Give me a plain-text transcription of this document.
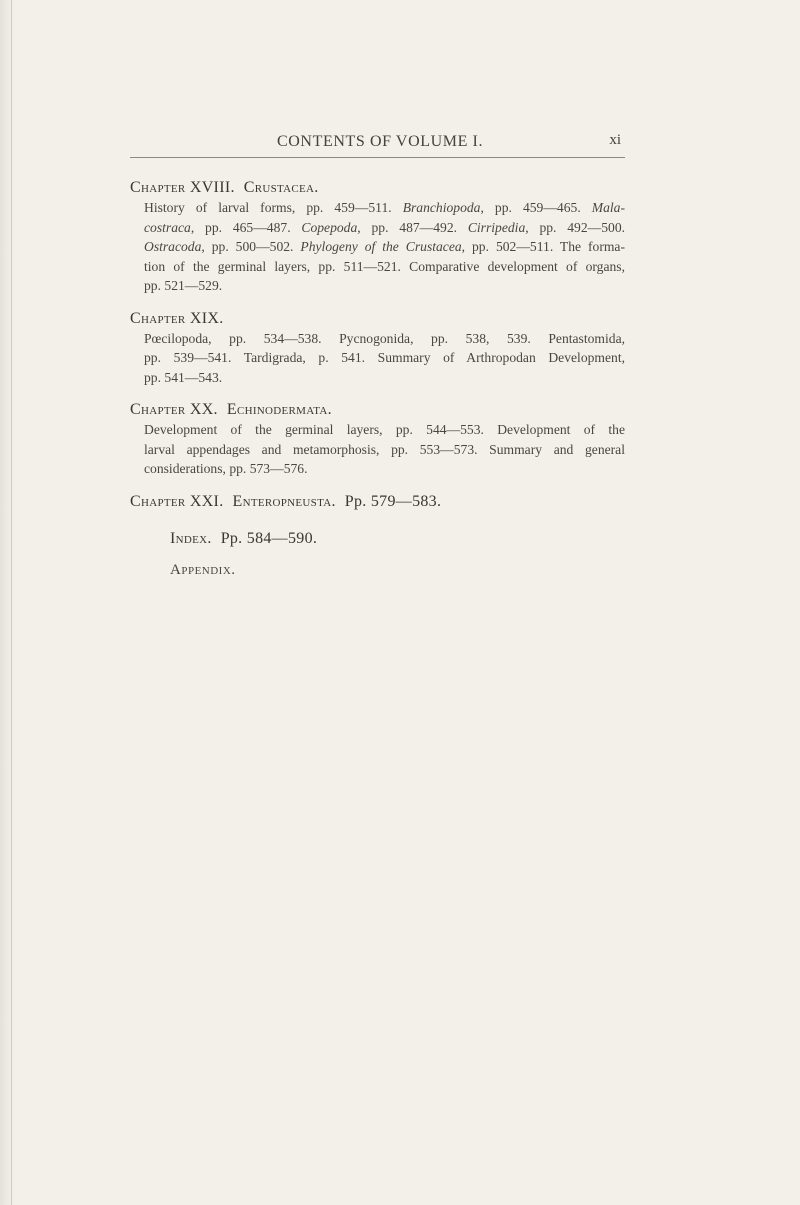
CONTENTS OF VOLUME I.	xi
Chapter XVIII. Crustacea.
History of larval forms, pp. 459—511. Branchiopoda, pp. 459—465. Mala-
costraca, pp. 465—487. Copepoda, pp. 487—492. Cirripedia, pp. 492—500.
Ostracoda, pp. 500—502. Phylogeny of the Crustacea, pp. 502—511. The forma-
tion of the germinal layers, pp. 511—521. Comparative development of organs,
pp. 521—529.
Chapter XIX.
Pœcilopoda, pp. 534—538. Pycnogonida, pp. 538, 539. Pentastomida,
pp. 539—541. Tardigrada, p. 541. Summary of Arthropodan Development,
pp. 541—543.
Chapter XX. Echinodermata.
Development of the germinal layers, pp. 544—553. Development of the
larval appendages and metamorphosis, pp. 553—573. Summary and general
considerations, pp. 573—576.
Chapter XXI. Enteropneusta. Pp. 579—583.
Index. Pp. 584—590.
Appendix.
